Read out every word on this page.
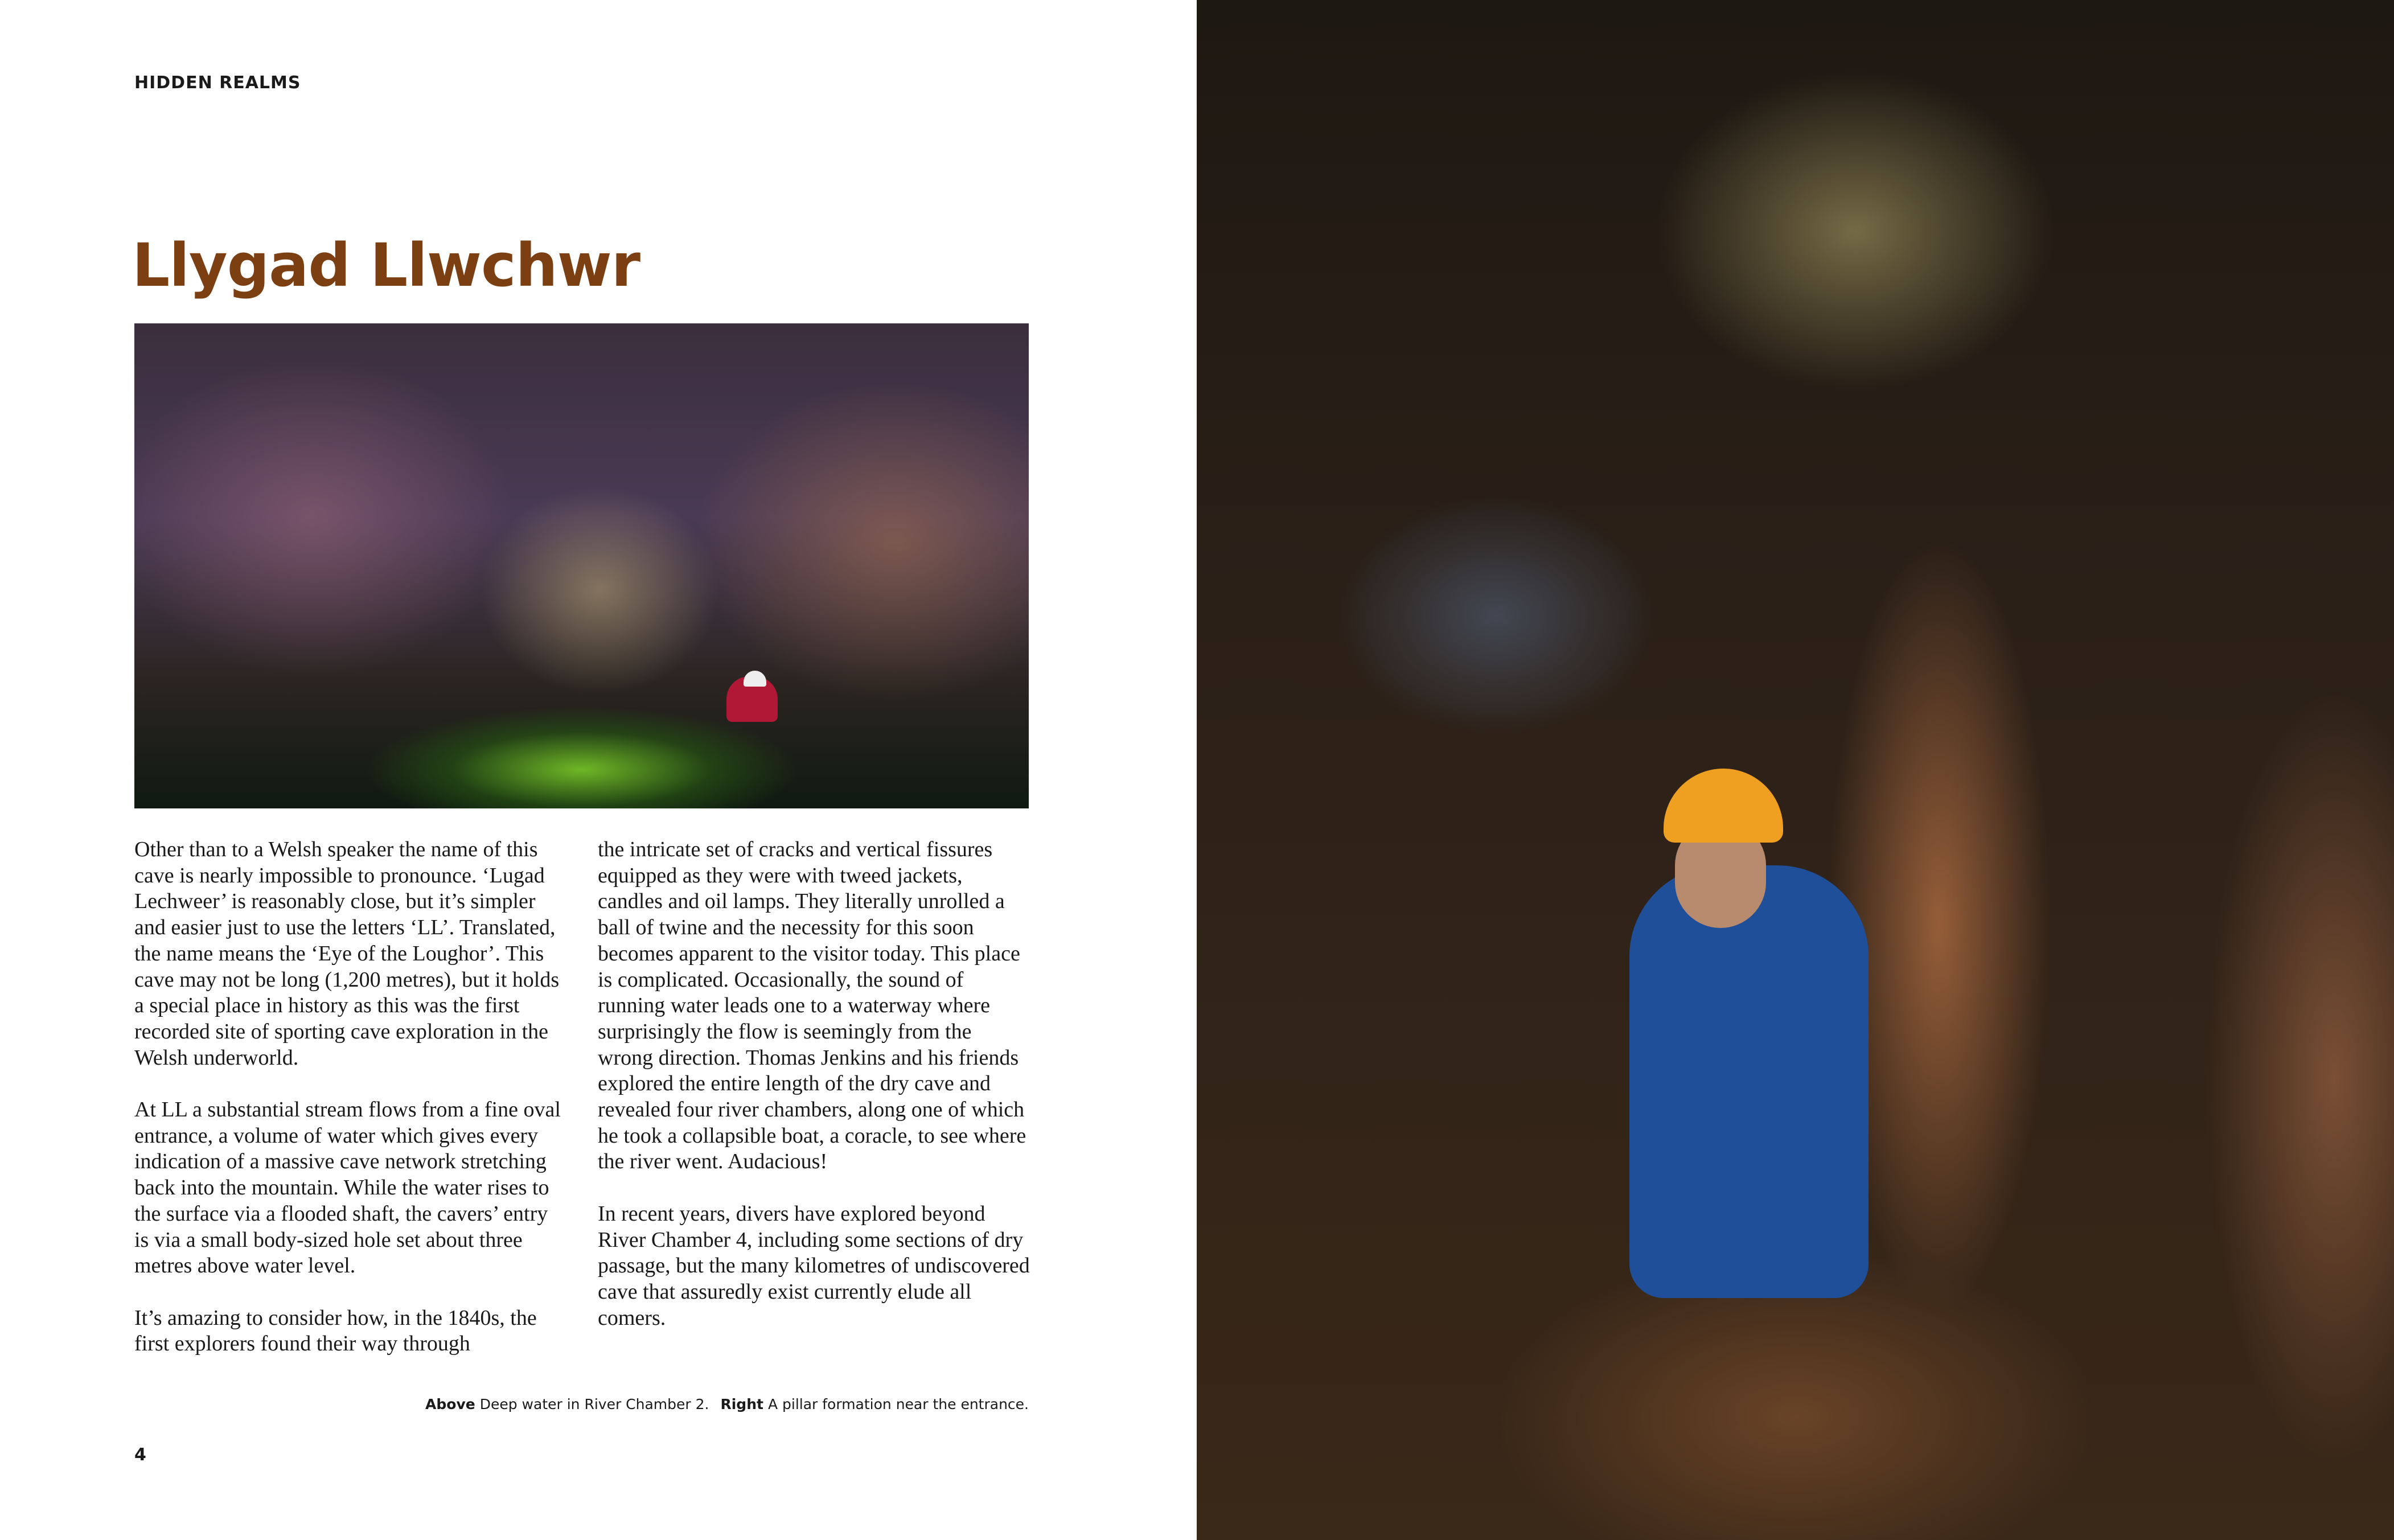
HIDDEN REALMS
Llygad Llwchwr

Other than to a Welsh speaker the name of this cave is nearly impossible to pronounce. ‘Lugad Lechweer’ is reasonably close, but it’s simpler and easier just to use the letters ‘LL’. Translated, the name means the ‘Eye of the Loughor’. This cave may not be long (1,200 metres), but it holds a special place in history as this was the first recorded site of sporting cave exploration in the Welsh underworld.

At LL a substantial stream flows from a fine oval entrance, a volume of water which gives every indication of a massive cave network stretching back into the mountain. While the water rises to the surface via a flooded shaft, the cavers’ entry is via a small body-sized hole set about three metres above water level.

It’s amazing to consider how, in the 1840s, the first explorers found their way through

the intricate set of cracks and vertical fissures equipped as they were with tweed jackets, candles and oil lamps. They literally unrolled a ball of twine and the necessity for this soon becomes apparent to the visitor today. This place is complicated. Occasionally, the sound of running water leads one to a waterway where surprisingly the flow is seemingly from the wrong direction. Thomas Jenkins and his friends explored the entire length of the dry cave and revealed four river chambers, along one of which he took a collapsible boat, a coracle, to see where the river went. Audacious!

In recent years, divers have explored beyond River Chamber 4, including some sections of dry passage, but the many kilometres of undiscovered cave that assuredly exist currently elude all comers.

Above Deep water in River Chamber 2. Right A pillar formation near the entrance.
4
